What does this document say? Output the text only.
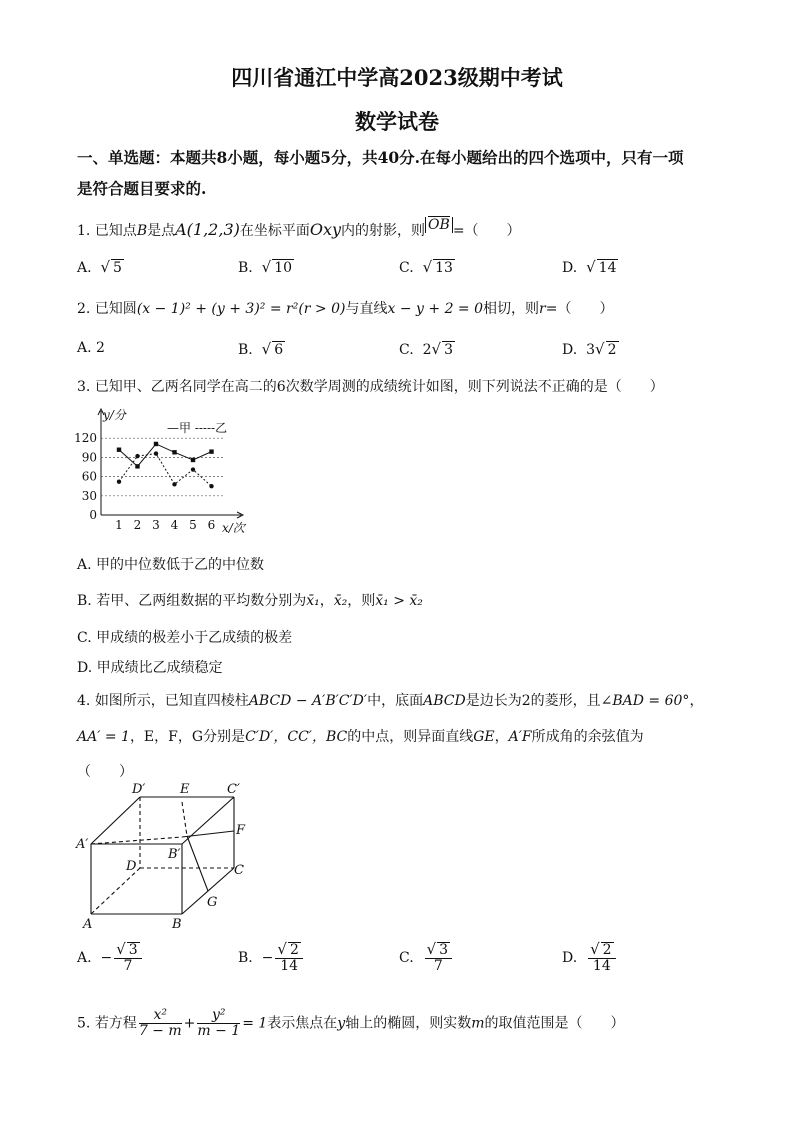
四川省通江中学高2023级期中考试
数学试卷
一、单选题：本题共8小题，每小题5分，共40分.在每小题给出的四个选项中，只有一项
是符合题目要求的.
1. 已知点B是点A(1,2,3)在坐标平面Oxy内的射影，则 OB =（　　）
A. √ 5	B. √ 10	C. √ 13	D. √ 14
2. 已知圆(x − 1)² + (y + 3)² = r²(r > 0)与直线x − y + 2 = 0相切，则r=（　　）
A. 2	B. √ 6	C. 2√ 3	D. 3√ 2
3. 已知甲、乙两名同学在高二的6次数学周测的成绩统计如图，则下列说法不正确的是（　　）
0
30
60
90
120
1 2 3 4 5 6
y/分
x/次
—甲 -----乙
A. 甲的中位数低于乙的中位数
B. 若甲、乙两组数据的平均数分别为x̄₁，x̄₂，则x̄₁ > x̄₂
C. 甲成绩的极差小于乙成绩的极差
D. 甲成绩比乙成绩稳定
4. 如图所示，已知直四棱柱ABCD − A′B′C′D′中，底面ABCD是边长为2的菱形，且∠BAD = 60°，
AA′ = 1，E，F，G分别是C′D′，CC′，BC的中点，则异面直线GE，A′F所成角的余弦值为
（　　）
D′	E	C′
A′
F
B′
D	C
G
A	B
A. − $\frac{√ 3}{7}$	B. − $\frac{√ 2}{14}$	C. $\frac{√ 3}{7}$	D. $\frac{√ 2}{14}$
5. 若方程 $\frac{\text{x²}}{7 - m} + \frac{\text{y²}}{m - 1} = 1$表示焦点在y轴上的椭圆，则实数m的取值范围是（　　）
